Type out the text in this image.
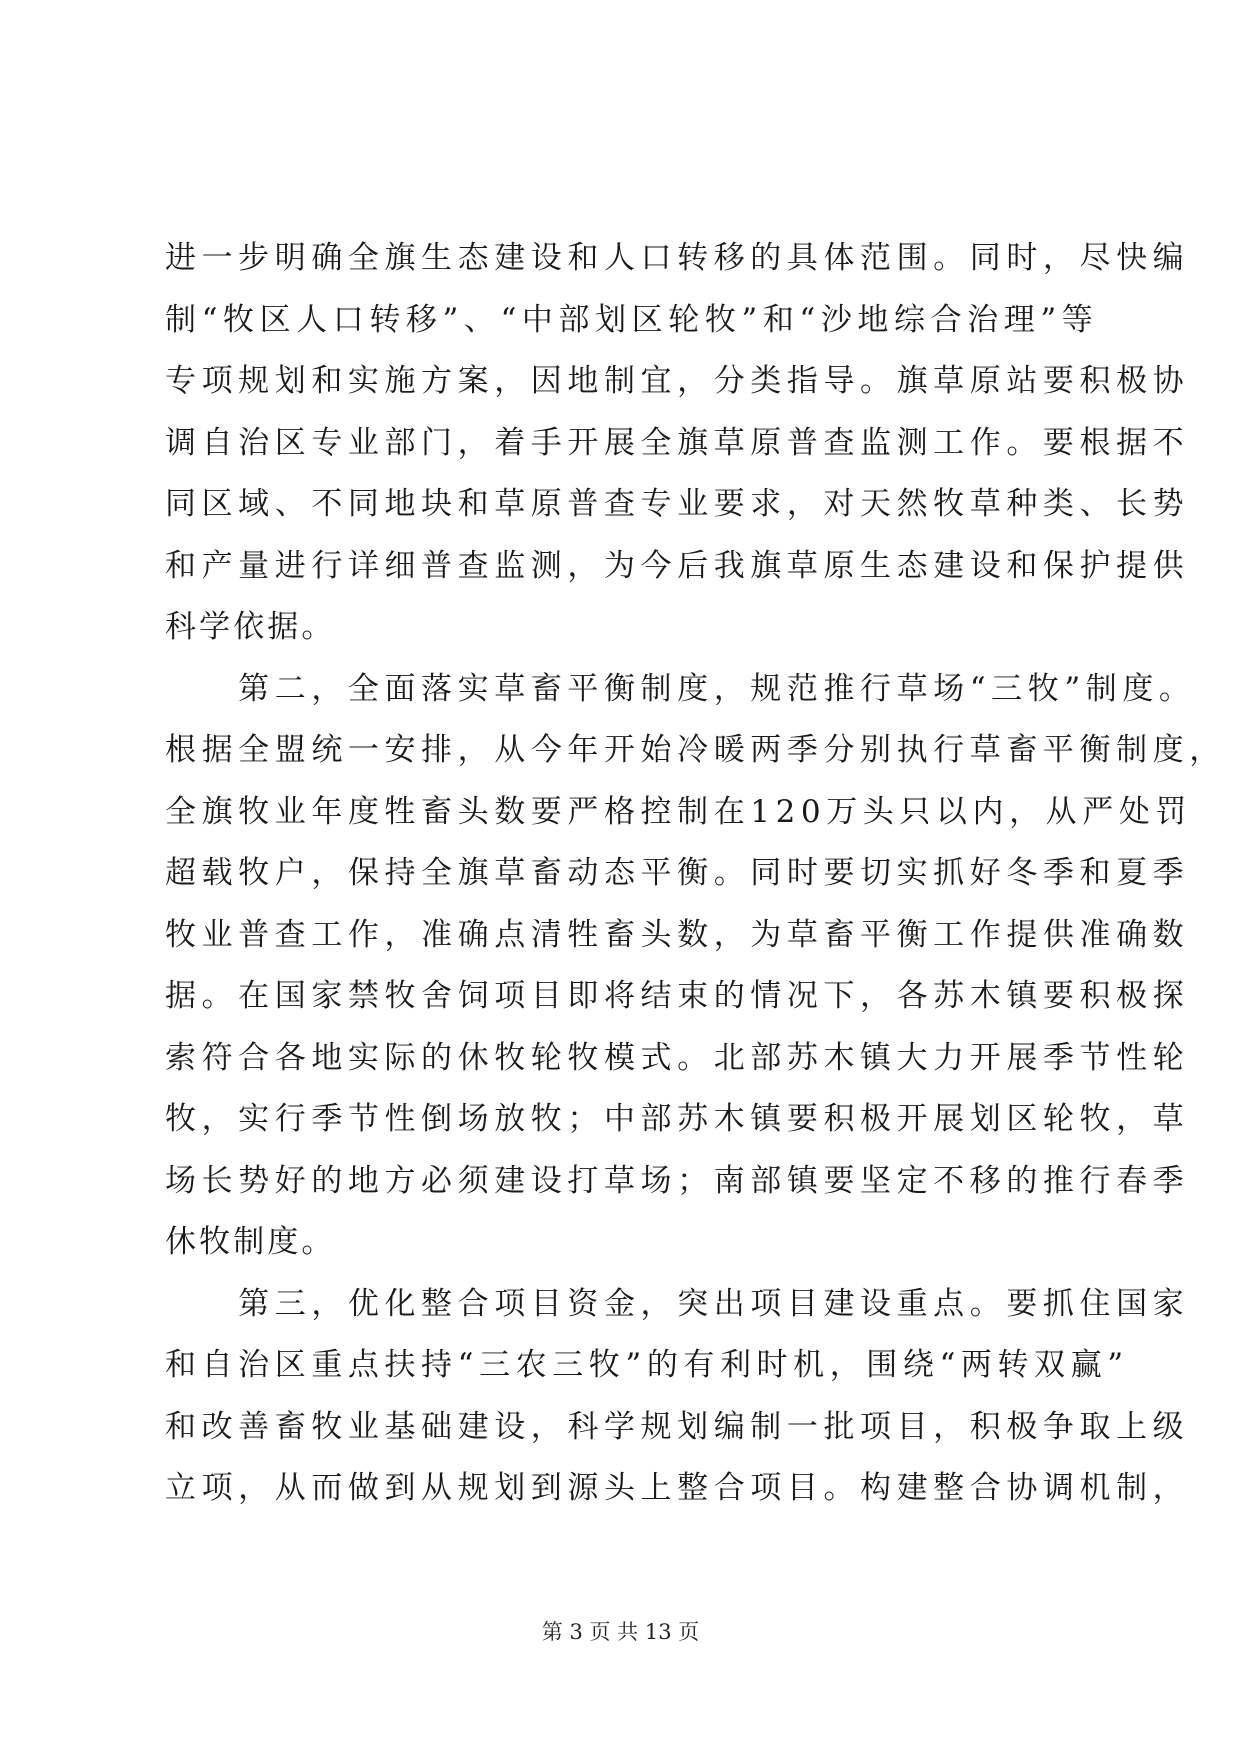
进一步明确全旗生态建设和人口转移的具体范围。同时，尽快编
制“牧区人口转移”、“中部划区轮牧”和“沙地综合治理”等
专项规划和实施方案，因地制宜，分类指导。旗草原站要积极协
调自治区专业部门，着手开展全旗草原普查监测工作。要根据不
同区域、不同地块和草原普查专业要求，对天然牧草种类、长势
和产量进行详细普查监测，为今后我旗草原生态建设和保护提供
科学依据。
　　第二，全面落实草畜平衡制度，规范推行草场“三牧”制度。
根据全盟统一安排，从今年开始冷暖两季分别执行草畜平衡制度，
全旗牧业年度牲畜头数要严格控制在120万头只以内，从严处罚
超载牧户，保持全旗草畜动态平衡。同时要切实抓好冬季和夏季
牧业普查工作，准确点清牲畜头数，为草畜平衡工作提供准确数
据。在国家禁牧舍饲项目即将结束的情况下，各苏木镇要积极探
索符合各地实际的休牧轮牧模式。北部苏木镇大力开展季节性轮
牧，实行季节性倒场放牧；中部苏木镇要积极开展划区轮牧，草
场长势好的地方必须建设打草场；南部镇要坚定不移的推行春季
休牧制度。
　　第三，优化整合项目资金，突出项目建设重点。要抓住国家
和自治区重点扶持“三农三牧”的有利时机，围绕“两转双赢”
和改善畜牧业基础建设，科学规划编制一批项目，积极争取上级
立项，从而做到从规划到源头上整合项目。构建整合协调机制，
第 3 页 共 13 页
